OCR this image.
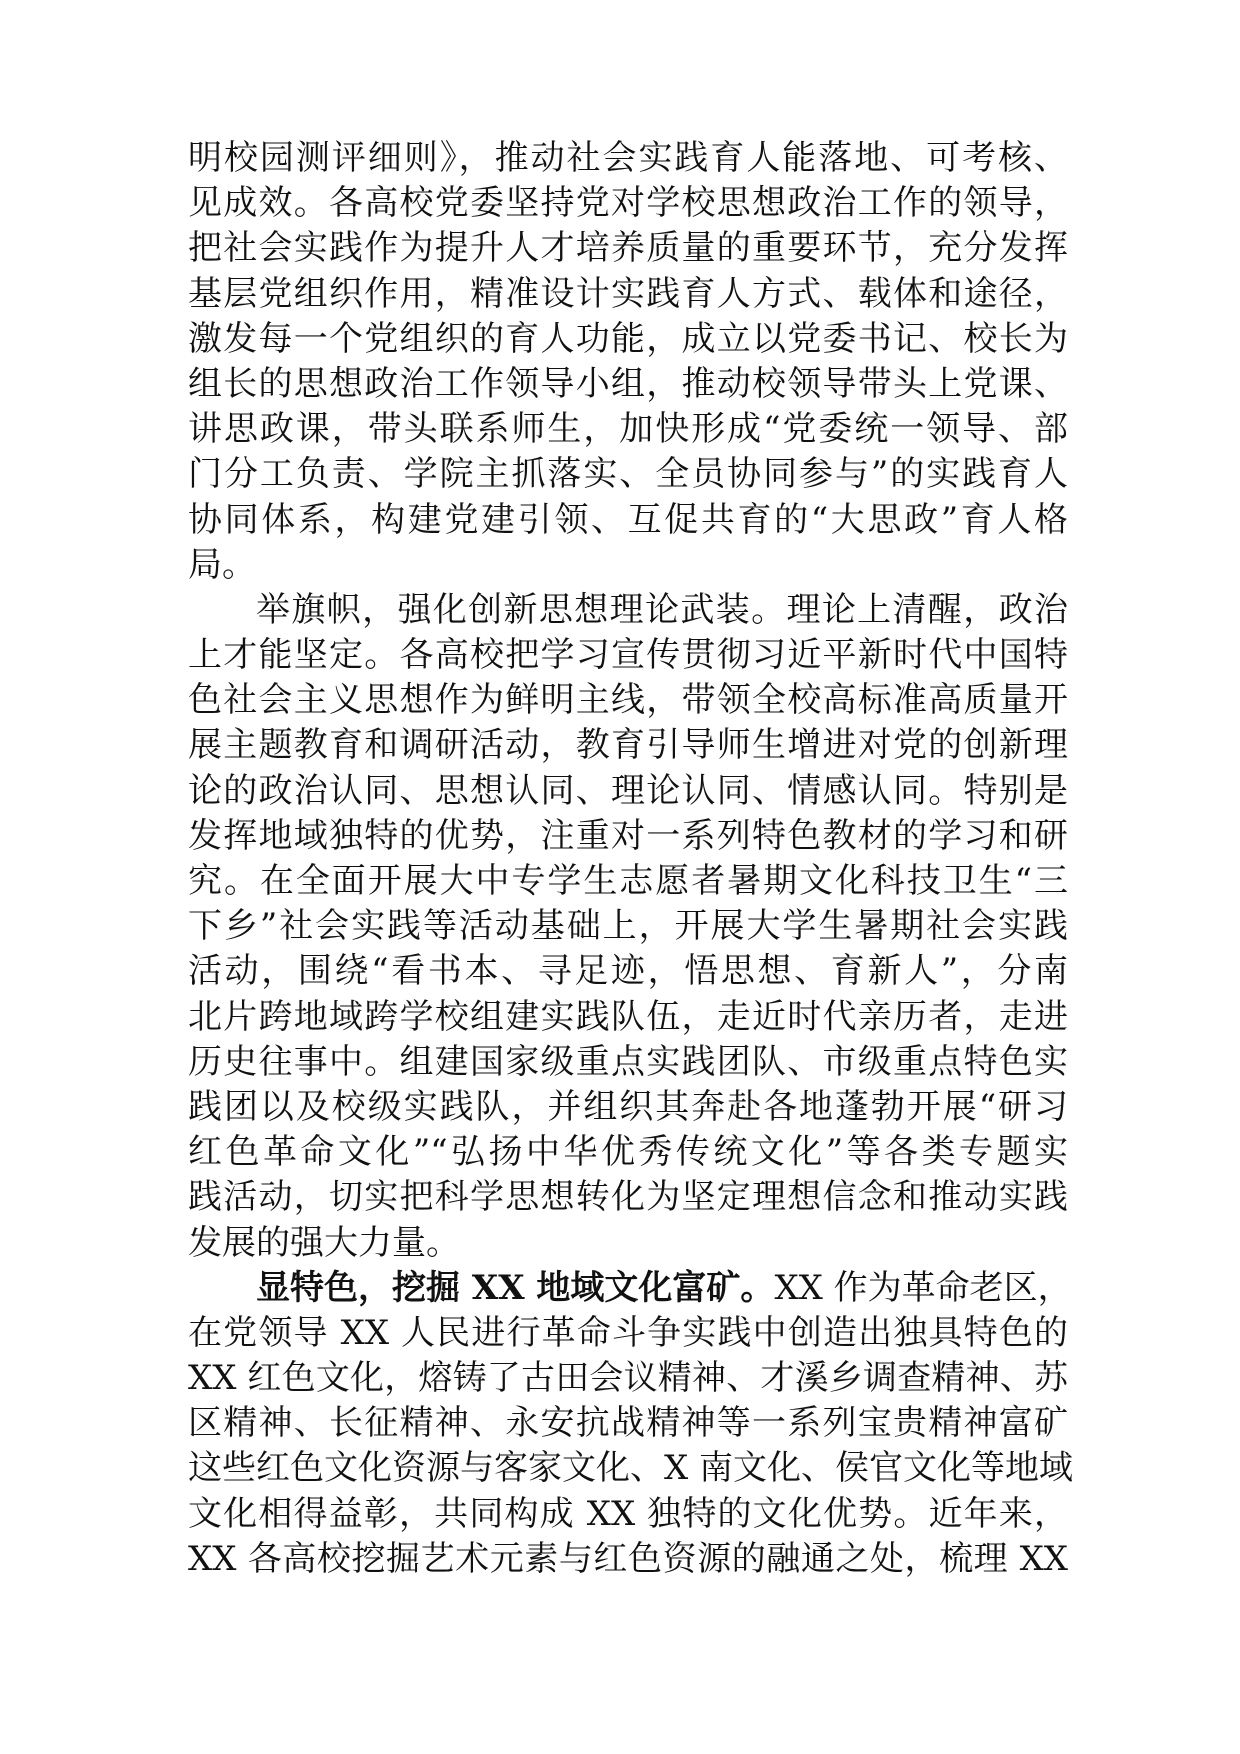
明校园测评细则》，推动社会实践育人能落地、可考核、
见成效。各高校党委坚持党对学校思想政治工作的领导，
把社会实践作为提升人才培养质量的重要环节，充分发挥
基层党组织作用，精准设计实践育人方式、载体和途径，
激发每一个党组织的育人功能，成立以党委书记、校长为
组长的思想政治工作领导小组，推动校领导带头上党课、
讲思政课，带头联系师生，加快形成“党委统一领导、部
门分工负责、学院主抓落实、全员协同参与”的实践育人
协同体系，构建党建引领、互促共育的“大思政”育人格
局。
举旗帜，强化创新思想理论武装。理论上清醒，政治
上才能坚定。各高校把学习宣传贯彻习近平新时代中国特
色社会主义思想作为鲜明主线，带领全校高标准高质量开
展主题教育和调研活动，教育引导师生增进对党的创新理
论的政治认同、思想认同、理论认同、情感认同。特别是
发挥地域独特的优势，注重对一系列特色教材的学习和研
究。在全面开展大中专学生志愿者暑期文化科技卫生“三
下乡”社会实践等活动基础上，开展大学生暑期社会实践
活动，围绕“看书本、寻足迹，悟思想、育新人”，分南
北片跨地域跨学校组建实践队伍，走近时代亲历者，走进
历史往事中。组建国家级重点实践团队、市级重点特色实
践团以及校级实践队，并组织其奔赴各地蓬勃开展“研习
红色革命文化”“弘扬中华优秀传统文化”等各类专题实
践活动，切实把科学思想转化为坚定理想信念和推动实践
发展的强大力量。
显特色，挖掘 XX 地域文化富矿。XX 作为革命老区，
在党领导 XX 人民进行革命斗争实践中创造出独具特色的
XX 红色文化，熔铸了古田会议精神、才溪乡调查精神、苏
区精神、长征精神、永安抗战精神等一系列宝贵精神富矿
这些红色文化资源与客家文化、X 南文化、侯官文化等地域
文化相得益彰，共同构成 XX 独特的文化优势。近年来，
XX 各高校挖掘艺术元素与红色资源的融通之处，梳理 XX
